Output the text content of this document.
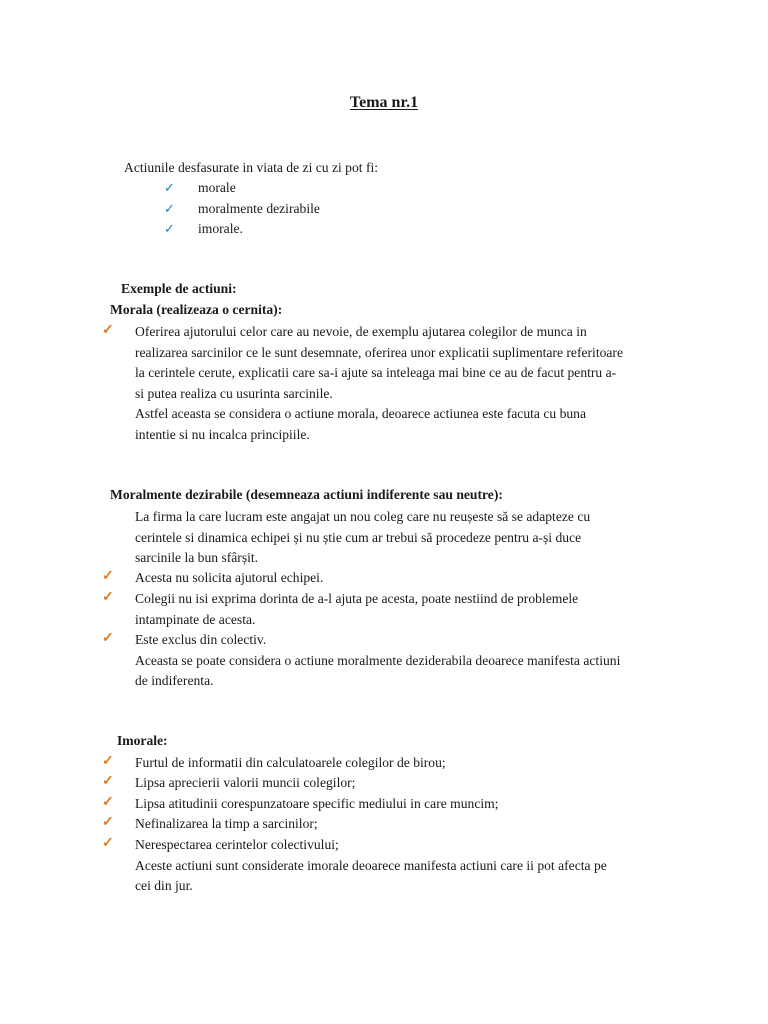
Tema nr.1
Actiunile desfasurate in viata de zi cu zi pot fi:
✓ morale
✓ moralmente dezirabile
✓ imorale.
Exemple de actiuni:
Morala (realizeaza o cernita):
✓ Oferirea ajutorului celor care au nevoie, de exemplu ajutarea colegilor de munca in

realizarea sarcinilor ce le sunt desemnate, oferirea unor explicatii suplimentare referitoare

la cerintele cerute, explicatii care sa-i ajute sa inteleaga mai bine ce au de facut pentru a-

si putea realiza cu usurinta sarcinile.

Astfel aceasta se considera o actiune morala, deoarece actiunea este facuta cu buna

intentie si nu incalca principiile.

Moralmente dezirabile (desemneaza actiuni indiferente sau neutre):

La firma la care lucram este angajat un nou coleg care nu reușeste să se adapteze cu

cerintele si dinamica echipei și nu știe cum ar trebui să procedeze pentru a-și duce

sarcinile la bun sfârșit.

✓ Acesta nu solicita ajutorul echipei.
✓ Colegii nu isi exprima dorinta de a-l ajuta pe acesta, poate nestiind de problemele

intampinate de acesta.

✓ Este exclus din colectiv.

Aceasta se poate considera o actiune moralmente deziderabila deoarece manifesta actiuni

de indiferenta.

Imorale:
✓ Furtul de informatii din calculatoarele colegilor de birou;
✓ Lipsa aprecierii valorii muncii colegilor;
✓ Lipsa atitudinii corespunzatoare specific mediului in care muncim;
✓ Nefinalizarea la timp a sarcinilor;
✓ Nerespectarea cerintelor colectivului;

Aceste actiuni sunt considerate imorale deoarece manifesta actiuni care ii pot afecta pe

cei din jur.
